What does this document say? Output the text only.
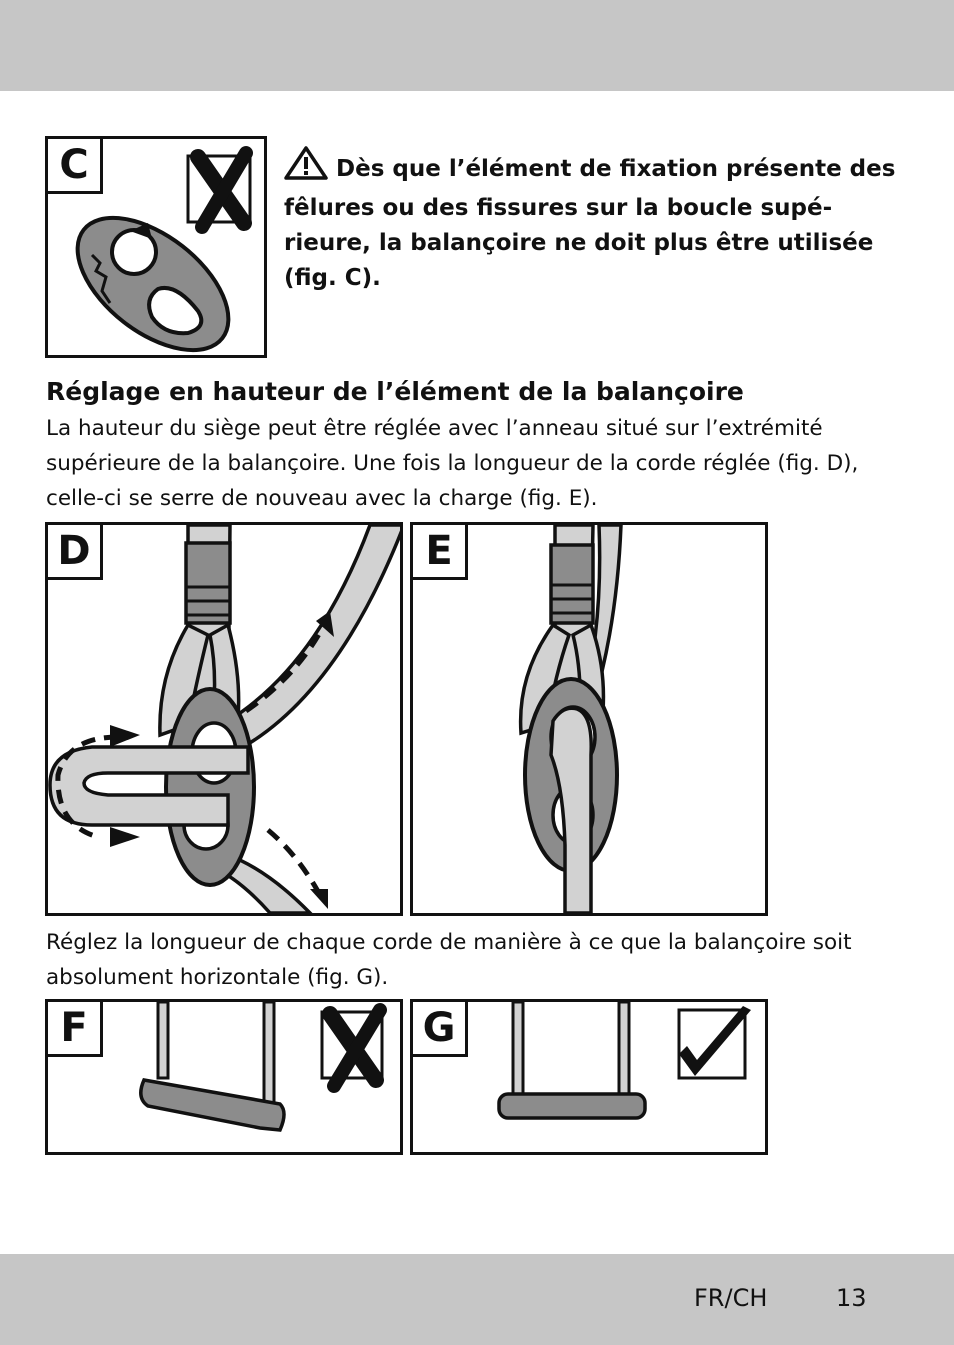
C	Dès que l’élément de fixation présente des fêlures ou des fissures sur la boucle supé-rieure, la balançoire ne doit plus être utilisée (fig. C).
Réglage en hauteur de l’élément de la balançoire
La hauteur du siège peut être réglée avec l’anneau situé sur l’extrémité supérieure de la balançoire. Une fois la longueur de la corde réglée (fig. D), celle-ci se serre de nouveau avec la charge (fig. E).
D	E
Réglez la longueur de chaque corde de manière à ce que la balançoire soit absolument horizontale (fig. G).
F	G
FR/CH	13
